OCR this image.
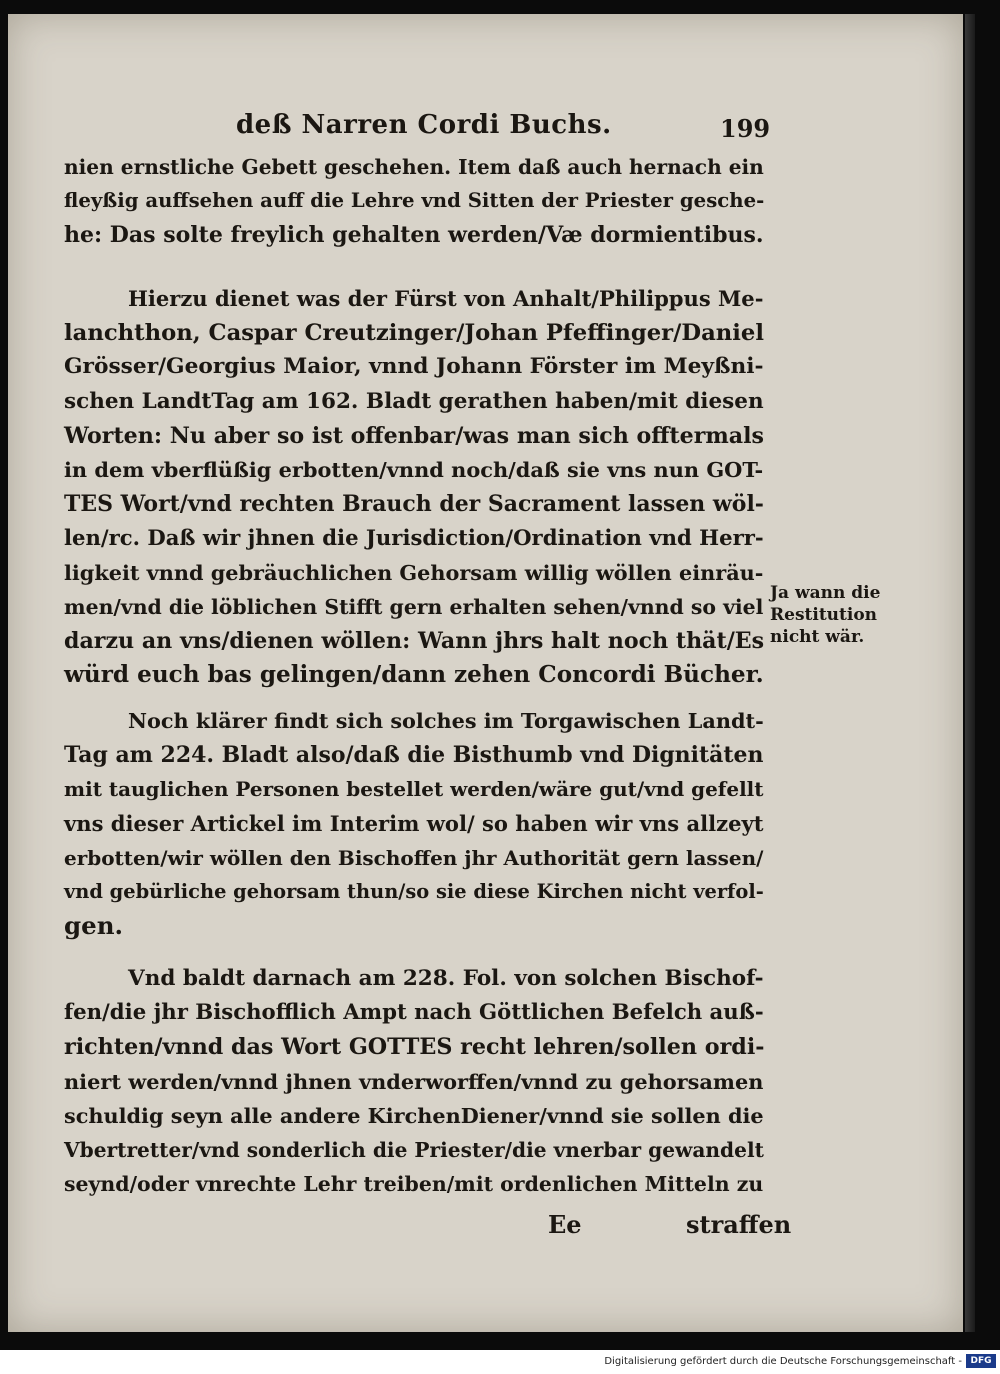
deß Narren Cordi Buchs.	199
nien ernstliche Gebett geschehen. Item daß auch hernach ein
fleyßig auffsehen auff die Lehre vnd Sitten der Priester gesche-
he: Das solte freylich gehalten werden/Væ dormientibus.
Hierzu dienet was der Fürst von Anhalt/Philippus Me-
lanchthon, Caspar Creutzinger/Johan Pfeffinger/Daniel
Grösser/Georgius Maior, vnnd Johann Förster im Meyßni-
schen LandtTag am 162. Bladt gerathen haben/mit diesen
Worten: Nu aber so ist offenbar/was man sich offtermals
in dem vberflüßig erbotten/vnnd noch/daß sie vns nun GOT-
TES Wort/vnd rechten Brauch der Sacrament lassen wöl-
len/rc. Daß wir jhnen die Jurisdiction/Ordination vnd Herr-
ligkeit vnnd gebräuchlichen Gehorsam willig wöllen einräu-
men/vnd die löblichen Stifft gern erhalten sehen/vnnd so viel
darzu an vns/dienen wöllen: Wann jhrs halt noch thät/Es
würd euch bas gelingen/dann zehen Concordi Bücher.
Ja wann die
Restitution
nicht wär.
Noch klärer findt sich solches im Torgawischen Landt-
Tag am 224. Bladt also/daß die Bisthumb vnd Dignitäten
mit tauglichen Personen bestellet werden/wäre gut/vnd gefellt
vns dieser Artickel im Interim wol/ so haben wir vns allzeyt
erbotten/wir wöllen den Bischoffen jhr Authorität gern lassen/
vnd gebürliche gehorsam thun/so sie diese Kirchen nicht verfol-
gen.
Vnd baldt darnach am 228. Fol. von solchen Bischof-
fen/die jhr Bischofflich Ampt nach Göttlichen Befelch auß-
richten/vnnd das Wort GOTTES recht lehren/sollen ordi-
niert werden/vnnd jhnen vnderworffen/vnnd zu gehorsamen
schuldig seyn alle andere KirchenDiener/vnnd sie sollen die
Vbertretter/vnd sonderlich die Priester/die vnerbar gewandelt
seynd/oder vnrechte Lehr treiben/mit ordenlichen Mitteln zu
Ee	straffen
Digitalisierung gefördert durch die Deutsche Forschungsgemeinschaft - DFG
